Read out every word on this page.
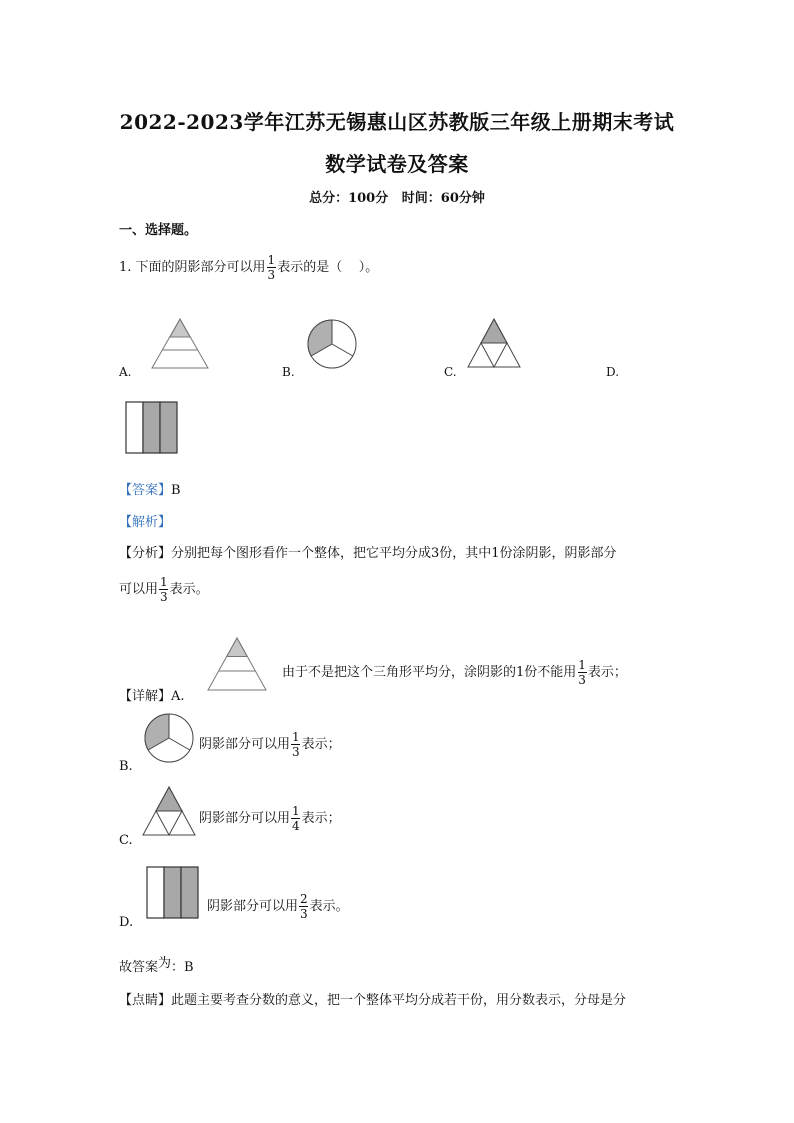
2022-2023学年江苏无锡惠山区苏教版三年级上册期末考试
数学试卷及答案
总分：100分   时间：60分钟
一、选择题。
1. 下面的阴影部分可以用 $\frac{1}{3}$ 表示的是（    ）。
A.	B.	C.	D.
【答案】B
【解析】
【分析】分别把每个图形看作一个整体，把它平均分成3份，其中1份涂阴影，阴影部分
可以用 $\frac{1}{3}$ 表示。
【详解】A.
由于不是把这个三角形平均分，涂阴影的1份不能用 $\frac{1}{3}$ 表示；
B.
阴影部分可以用 $\frac{1}{3}$ 表示；
C.
阴影部分可以用 $\frac{1}{4}$ 表示；
D.
阴影部分可以用 $\frac{2}{3}$ 表示。
故答案为：B
【点睛】此题主要考查分数的意义，把一个整体平均分成若干份，用分数表示，分母是分
